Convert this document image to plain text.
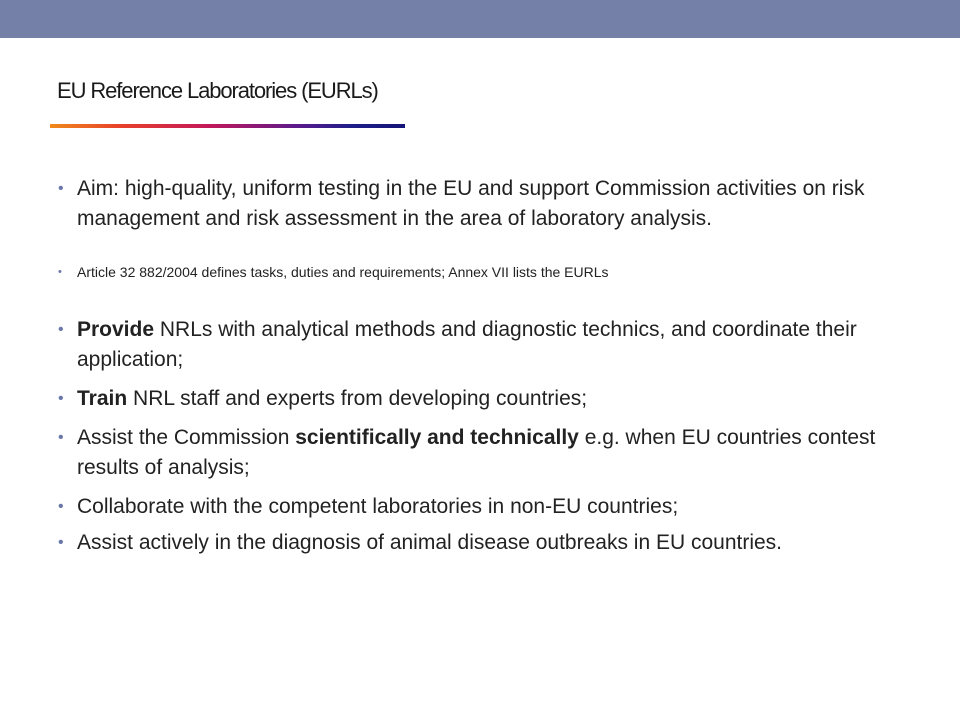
EU Reference Laboratories (EURLs)
• Aim: high-quality, uniform testing in the EU and support Commission activities on risk management and risk assessment in the area of laboratory analysis.
• Article 32 882/2004 defines tasks, duties and requirements; Annex VII lists the EURLs
• Provide NRLs with analytical methods and diagnostic technics, and coordinate their application;
• Train NRL staff and experts from developing countries;
• Assist the Commission scientifically and technically e.g. when EU countries contest results of analysis;
• Collaborate with the competent laboratories in non-EU countries;
• Assist actively in the diagnosis of animal disease outbreaks in EU countries.
